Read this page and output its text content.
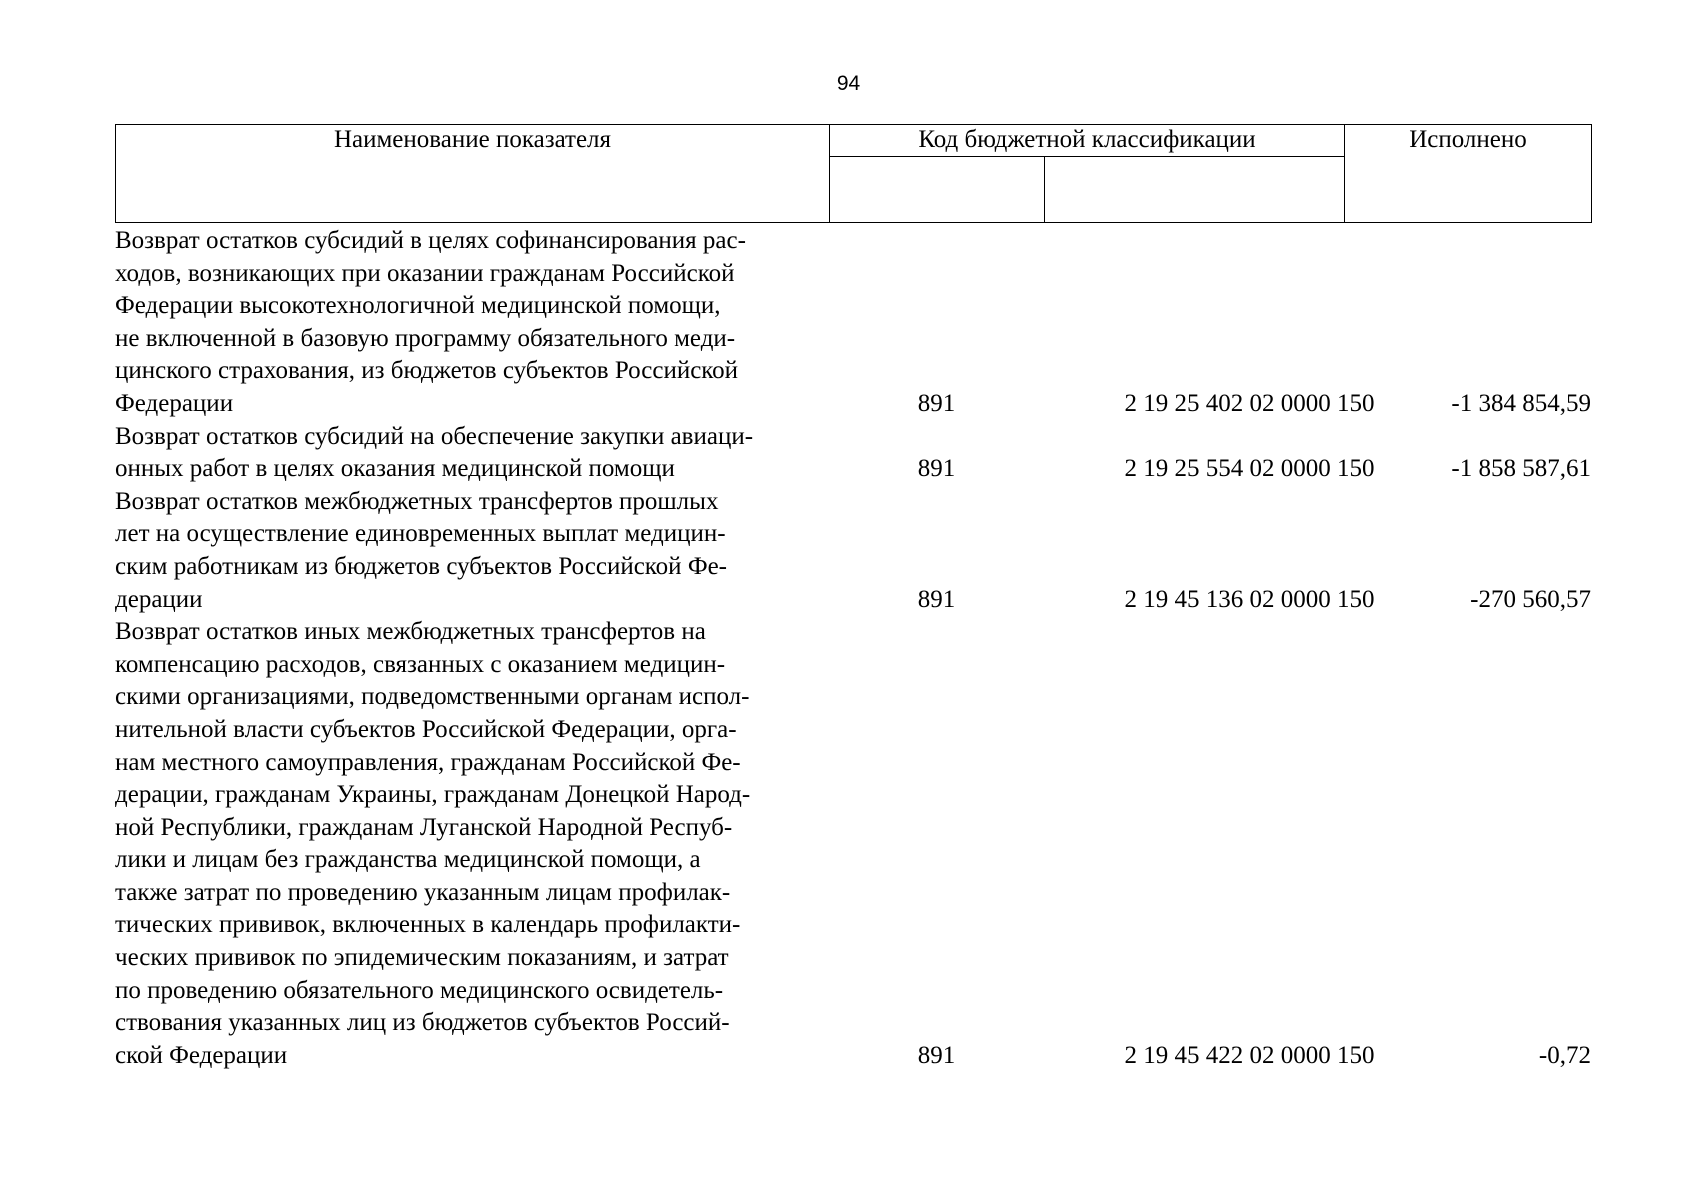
94
Наименование показателя	Код бюджетной классификации		Исполнено

Возврат остатков субсидий в целях софинансирования рас-
ходов, возникающих при оказании гражданам Российской
Федерации высокотехнологичной медицинской помощи,
не включенной в базовую программу обязательного меди-
цинского страхования, из бюджетов субъектов Российской
Федерации	891	2 19 25 402 02 0000 150	-1 384 854,59
Возврат остатков субсидий на обеспечение закупки авиаци-
онных работ в целях оказания медицинской помощи	891	2 19 25 554 02 0000 150	-1 858 587,61
Возврат остатков межбюджетных трансфертов прошлых
лет на осуществление единовременных выплат медицин-
ским работникам из бюджетов субъектов Российской Фе-
дерации	891	2 19 45 136 02 0000 150	-270 560,57
Возврат остатков иных межбюджетных трансфертов на
компенсацию расходов, связанных с оказанием медицин-
скими организациями, подведомственными органам испол-
нительной власти субъектов Российской Федерации, орга-
нам местного самоуправления, гражданам Российской Фе-
дерации, гражданам Украины, гражданам Донецкой Народ-
ной Республики, гражданам Луганской Народной Респуб-
лики и лицам без гражданства медицинской помощи, а
также затрат по проведению указанным лицам профилак-
тических прививок, включенных в календарь профилакти-
ческих прививок по эпидемическим показаниям, и затрат
по проведению обязательного медицинского освидетель-
ствования указанных лиц из бюджетов субъектов Россий-
ской Федерации	891	2 19 45 422 02 0000 150	-0,72
